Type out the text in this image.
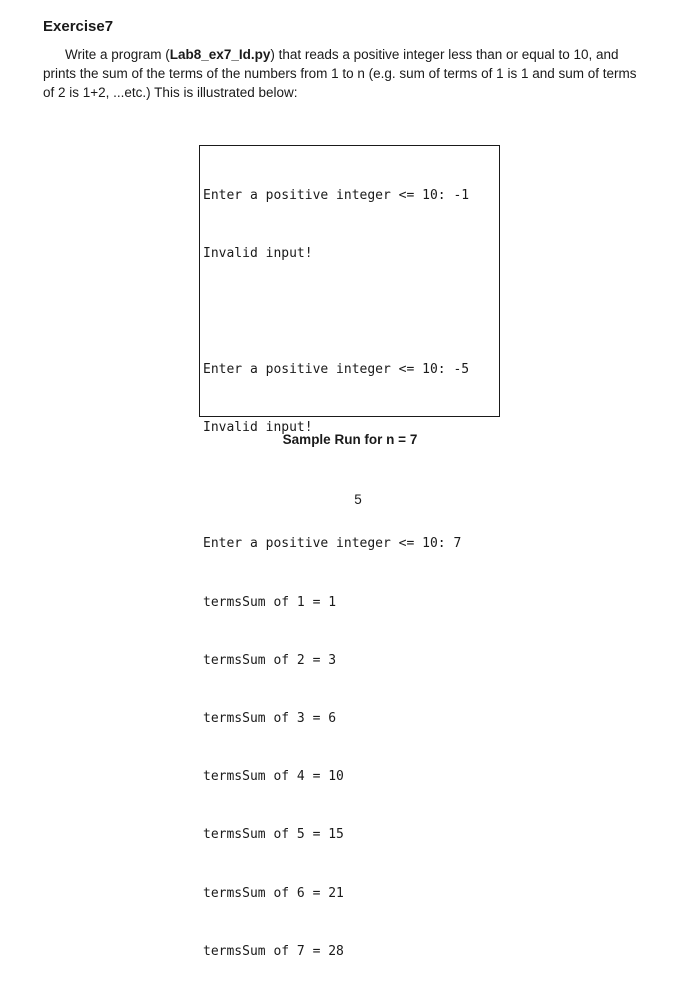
Exercise7

Write a program (Lab8_ex7_Id.py) that reads a positive integer less than or equal to 10, and prints the sum of the terms of the numbers from 1 to n (e.g. sum of terms of 1 is 1 and sum of terms of 2 is 1+2, ...etc.) This is illustrated below:

Enter a positive integer <= 10: -1

Invalid input!

Enter a positive integer <= 10: -5

Invalid input!

Enter a positive integer <= 10: 7

termsSum of 1 = 1

termsSum of 2 = 3

termsSum of 3 = 6

termsSum of 4 = 10

termsSum of 5 = 15

termsSum of 6 = 21

termsSum of 7 = 28

Sample Run for n = 7

5
